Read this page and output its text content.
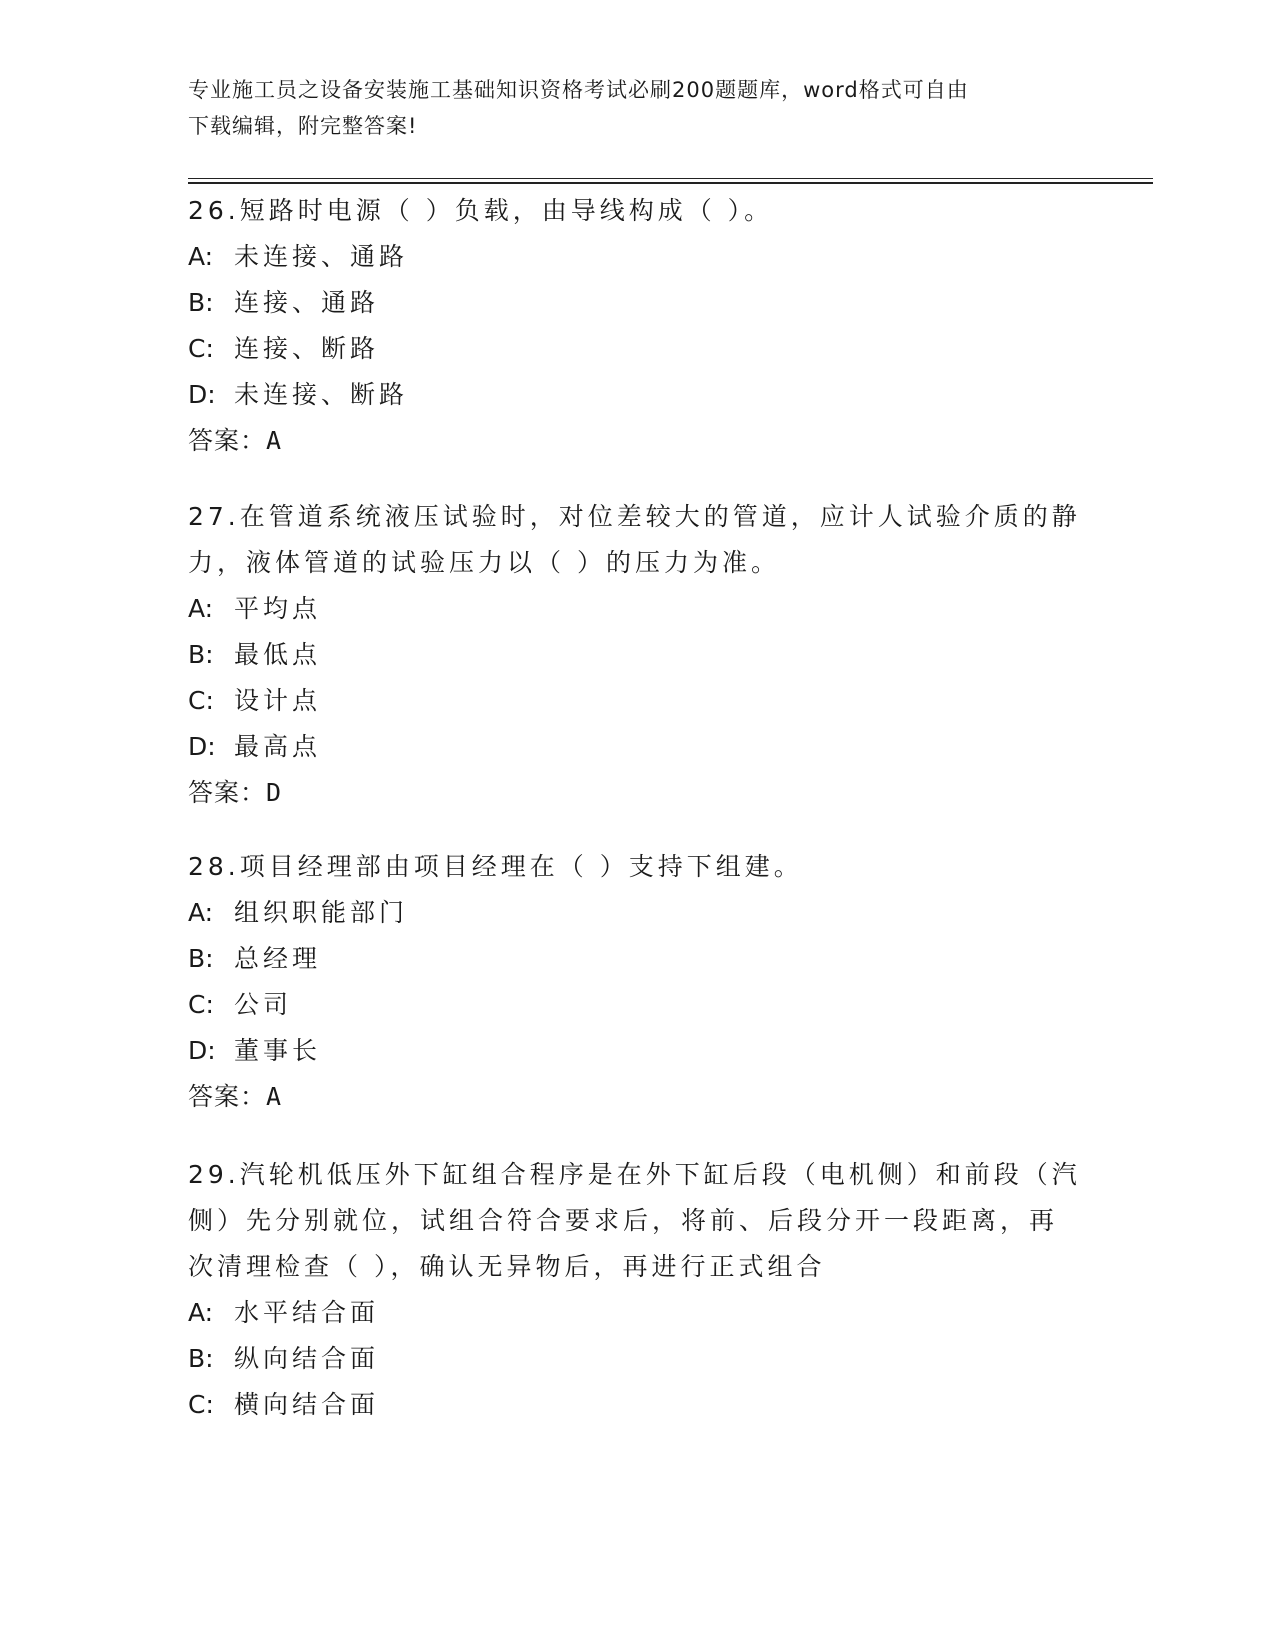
专业施工员之设备安装施工基础知识资格考试必刷200题题库，word格式可自由
下载编辑，附完整答案!
26.短路时电源（ ）负载，由导线构成（ ）。
A: 未连接、通路
B: 连接、通路
C: 连接、断路
D: 未连接、断路
答案：A
27.在管道系统液压试验时，对位差较大的管道，应计人试验介质的静
力，液体管道的试验压力以（ ）的压力为准。
A: 平均点
B: 最低点
C: 设计点
D: 最高点
答案：D
28.项目经理部由项目经理在（ ）支持下组建。
A: 组织职能部门
B: 总经理
C: 公司
D: 董事长
答案：A
29.汽轮机低压外下缸组合程序是在外下缸后段（电机侧）和前段（汽
侧）先分别就位，试组合符合要求后，将前、后段分开一段距离，再
次清理检查（ ），确认无异物后，再进行正式组合
A: 水平结合面
B: 纵向结合面
C: 横向结合面
